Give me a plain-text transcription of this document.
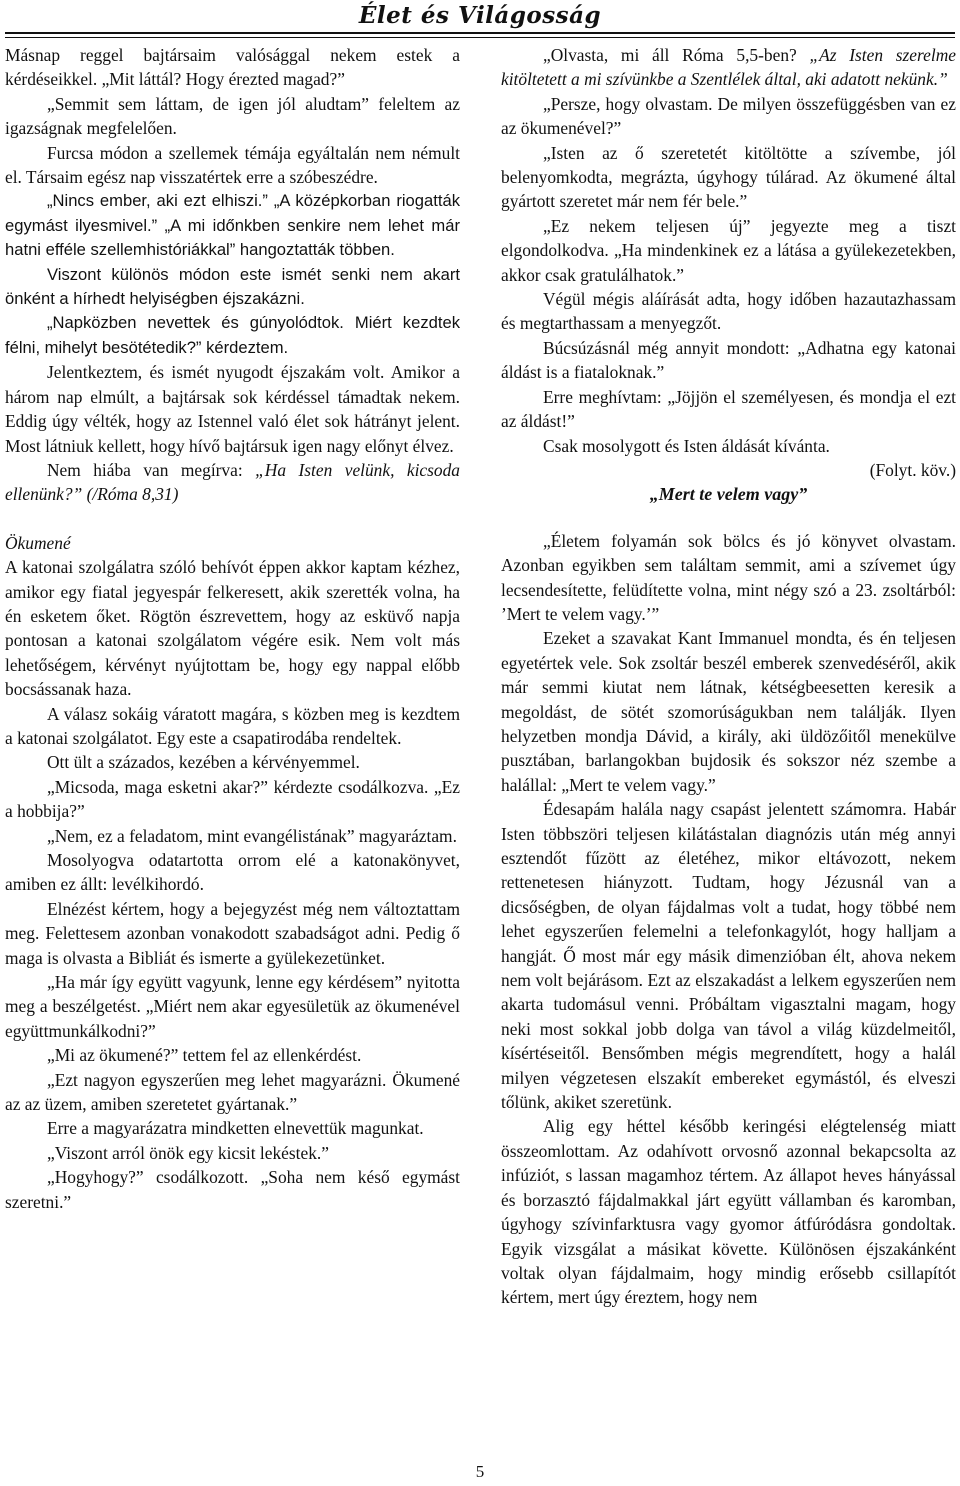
Élet és Világosság

Másnap reggel bajtársaim valósággal nekem estek a kérdéseikkel. „Mit láttál? Hogy érezted magad?”

„Semmit sem láttam, de igen jól aludtam” feleltem az igazságnak megfelelően.

Furcsa módon a szellemek témája egyáltalán nem némult el. Társaim egész nap visszatértek erre a szóbeszédre.

„Nincs ember, aki ezt elhiszi.” „A középkorban riogatták egymást ilyesmivel.” „A mi időnkben senkire nem lehet már hatni efféle szellemhistóriákkal” hangoztatták többen.

Viszont különös módon este ismét senki nem akart önként a hírhedt helyiségben éjszakázni.

„Napközben nevettek és gúnyolódtok. Miért kezdtek félni, mihelyt besötétedik?” kérdeztem.

Jelentkeztem, és ismét nyugodt éjszakám volt. Amikor a három nap elmúlt, a bajtársak sok kérdéssel támadtak nekem. Eddig úgy vélték, hogy az Istennel való élet sok hátrányt jelent. Most látniuk kellett, hogy hívő bajtársuk igen nagy előnyt élvez.

Nem hiába van megírva: „Ha Isten velünk, kicsoda ellenünk?” (/Róma 8,31)

Ökumené

A katonai szolgálatra szóló behívót éppen akkor kaptam kézhez, amikor egy fiatal jegyespár felkeresett, akik szerették volna, ha én esketem őket. Rögtön észrevettem, hogy az esküvő napja pontosan a katonai szolgálatom végére esik. Nem volt más lehetőségem, kérvényt nyújtottam be, hogy egy nappal előbb bocsássanak haza.

A válasz sokáig váratott magára, s közben meg is kezdtem a katonai szolgálatot. Egy este a csapatirodába rendeltek.

Ott ült a százados, kezében a kérvényemmel.

„Micsoda, maga esketni akar?” kérdezte csodálkozva. „Ez a hobbija?”

„Nem, ez a feladatom, mint evangélistának” magyaráztam.

Mosolyogva odatartotta orrom elé a katonakönyvet, amiben ez állt: levélkihordó.

Elnézést kértem, hogy a bejegyzést még nem változtattam meg. Felettesem azonban vonakodott szabadságot adni. Pedig ő maga is olvasta a Bibliát és ismerte a gyülekezetünket.

„Ha már így együtt vagyunk, lenne egy kérdésem” nyitotta meg a beszélgetést. „Miért nem akar egyesületük az ökumenével együttmunkálkodni?”

„Mi az ökumené?” tettem fel az ellenkérdést.

„Ezt nagyon egyszerűen meg lehet magyarázni. Ökumené az az üzem, amiben szeretetet gyártanak.”

Erre a magyarázatra mindketten elnevettük magunkat.

„Viszont arról önök egy kicsit lekéstek.”

„Hogyhogy?” csodálkozott. „Soha nem késő egymást szeretni.”

„Olvasta, mi áll Róma 5,5-ben? „Az Isten szerelme kitöltetett a mi szívünkbe a Szentlélek által, aki adatott nekünk.”

„Persze, hogy olvastam. De milyen összefüggésben van ez az ökumenével?”

„Isten az ő szeretetét kitöltötte a szívembe, jól belenyomkodta, megrázta, úgyhogy túlárad. Az ökumené által gyártott szeretet már nem fér bele.”

„Ez nekem teljesen új” jegyezte meg a tiszt elgondolkodva. „Ha mindenkinek ez a látása a gyülekezetekben, akkor csak gratulálhatok.”

Végül mégis aláírását adta, hogy időben hazautazhassam és megtarthassam a menyegzőt.

Búcsúzásnál még annyit mondott: „Adhatna egy katonai áldást is a fiataloknak.”

Erre meghívtam: „Jöjjön el személyesen, és mondja el ezt az áldást!”

Csak mosolygott és Isten áldását kívánta.

(Folyt. köv.)

„Mert te velem vagy”

„Életem folyamán sok bölcs és jó könyvet olvastam. Azonban egyikben sem találtam semmit, ami a szívemet úgy lecsendesítette, felüdítette volna, mint négy szó a 23. zsoltárból: ’Mert te velem vagy.’”

Ezeket a szavakat Kant Immanuel mondta, és én teljesen egyetértek vele. Sok zsoltár beszél emberek szenvedéséről, akik már semmi kiutat nem látnak, kétségbeesetten keresik a megoldást, de sötét szomorúságukban nem találják. Ilyen helyzetben mondja Dávid, a király, aki üldözőitől menekülve pusztában, barlangokban bujdosik és sokszor néz szembe a halállal: „Mert te velem vagy.”

Édesapám halála nagy csapást jelentett számomra. Habár Isten többszöri teljesen kilátástalan diagnózis után még annyi esztendőt fűzött az életéhez, mikor eltávozott, nekem rettenetesen hiányzott. Tudtam, hogy Jézusnál van a dicsőségben, de olyan fájdalmas volt a tudat, hogy többé nem lehet egyszerűen felemelni a telefonkagylót, hogy halljam a hangját. Ő most már egy másik dimenzióban élt, ahova nekem nem volt bejárásom. Ezt az elszakadást a lelkem egyszerűen nem akarta tudomásul venni. Próbáltam vigasztalni magam, hogy neki most sokkal jobb dolga van távol a világ küzdelmeitől, kísértéseitől. Bensőmben mégis megrendített, hogy a halál milyen végzetesen elszakít embereket egymástól, és elveszi tőlünk, akiket szeretünk.

Alig egy héttel később keringési elégtelenség miatt összeomlottam. Az odahívott orvosnő azonnal bekapcsolta az infúziót, s lassan magamhoz tértem. Az állapot heves hányással és borzasztó fájdalmakkal járt együtt vállamban és karomban, úgyhogy szívinfarktusra vagy gyomor átfúródásra gondoltak. Egyik vizsgálat a másikat követte. Különösen éjszakánként voltak olyan fájdalmaim, hogy mindig erősebb csillapítót kértem, mert úgy éreztem, hogy nem

5
